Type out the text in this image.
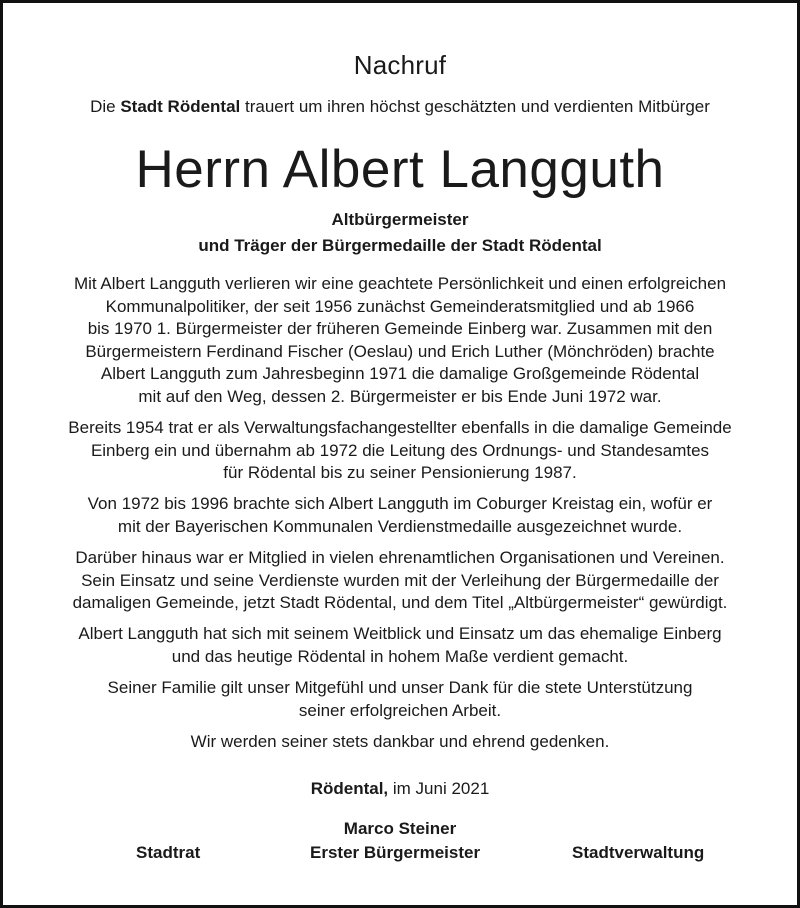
Nachruf
Die Stadt Rödental trauert um ihren höchst geschätzten und verdienten Mitbürger
Herrn Albert Langguth
Altbürgermeister
und Träger der Bürgermedaille der Stadt Rödental
Mit Albert Langguth verlieren wir eine geachtete Persönlichkeit und einen erfolgreichen
Kommunalpolitiker, der seit 1956 zunächst Gemeinderatsmitglied und ab 1966
bis 1970 1. Bürgermeister der früheren Gemeinde Einberg war. Zusammen mit den
Bürgermeistern Ferdinand Fischer (Oeslau) und Erich Luther (Mönchröden) brachte
Albert Langguth zum Jahresbeginn 1971 die damalige Großgemeinde Rödental
mit auf den Weg, dessen 2. Bürgermeister er bis Ende Juni 1972 war.
Bereits 1954 trat er als Verwaltungsfachangestellter ebenfalls in die damalige Gemeinde
Einberg ein und übernahm ab 1972 die Leitung des Ordnungs- und Standesamtes
für Rödental bis zu seiner Pensionierung 1987.
Von 1972 bis 1996 brachte sich Albert Langguth im Coburger Kreistag ein, wofür er
mit der Bayerischen Kommunalen Verdienstmedaille ausgezeichnet wurde.
Darüber hinaus war er Mitglied in vielen ehrenamtlichen Organisationen und Vereinen.
Sein Einsatz und seine Verdienste wurden mit der Verleihung der Bürgermedaille der
damaligen Gemeinde, jetzt Stadt Rödental, und dem Titel „Altbürgermeister“ gewürdigt.
Albert Langguth hat sich mit seinem Weitblick und Einsatz um das ehemalige Einberg
und das heutige Rödental in hohem Maße verdient gemacht.
Seiner Familie gilt unser Mitgefühl und unser Dank für die stete Unterstützung
seiner erfolgreichen Arbeit.
Wir werden seiner stets dankbar und ehrend gedenken.
Rödental, im Juni 2021
Marco Steiner
Stadtrat	Erster Bürgermeister	Stadtverwaltung
